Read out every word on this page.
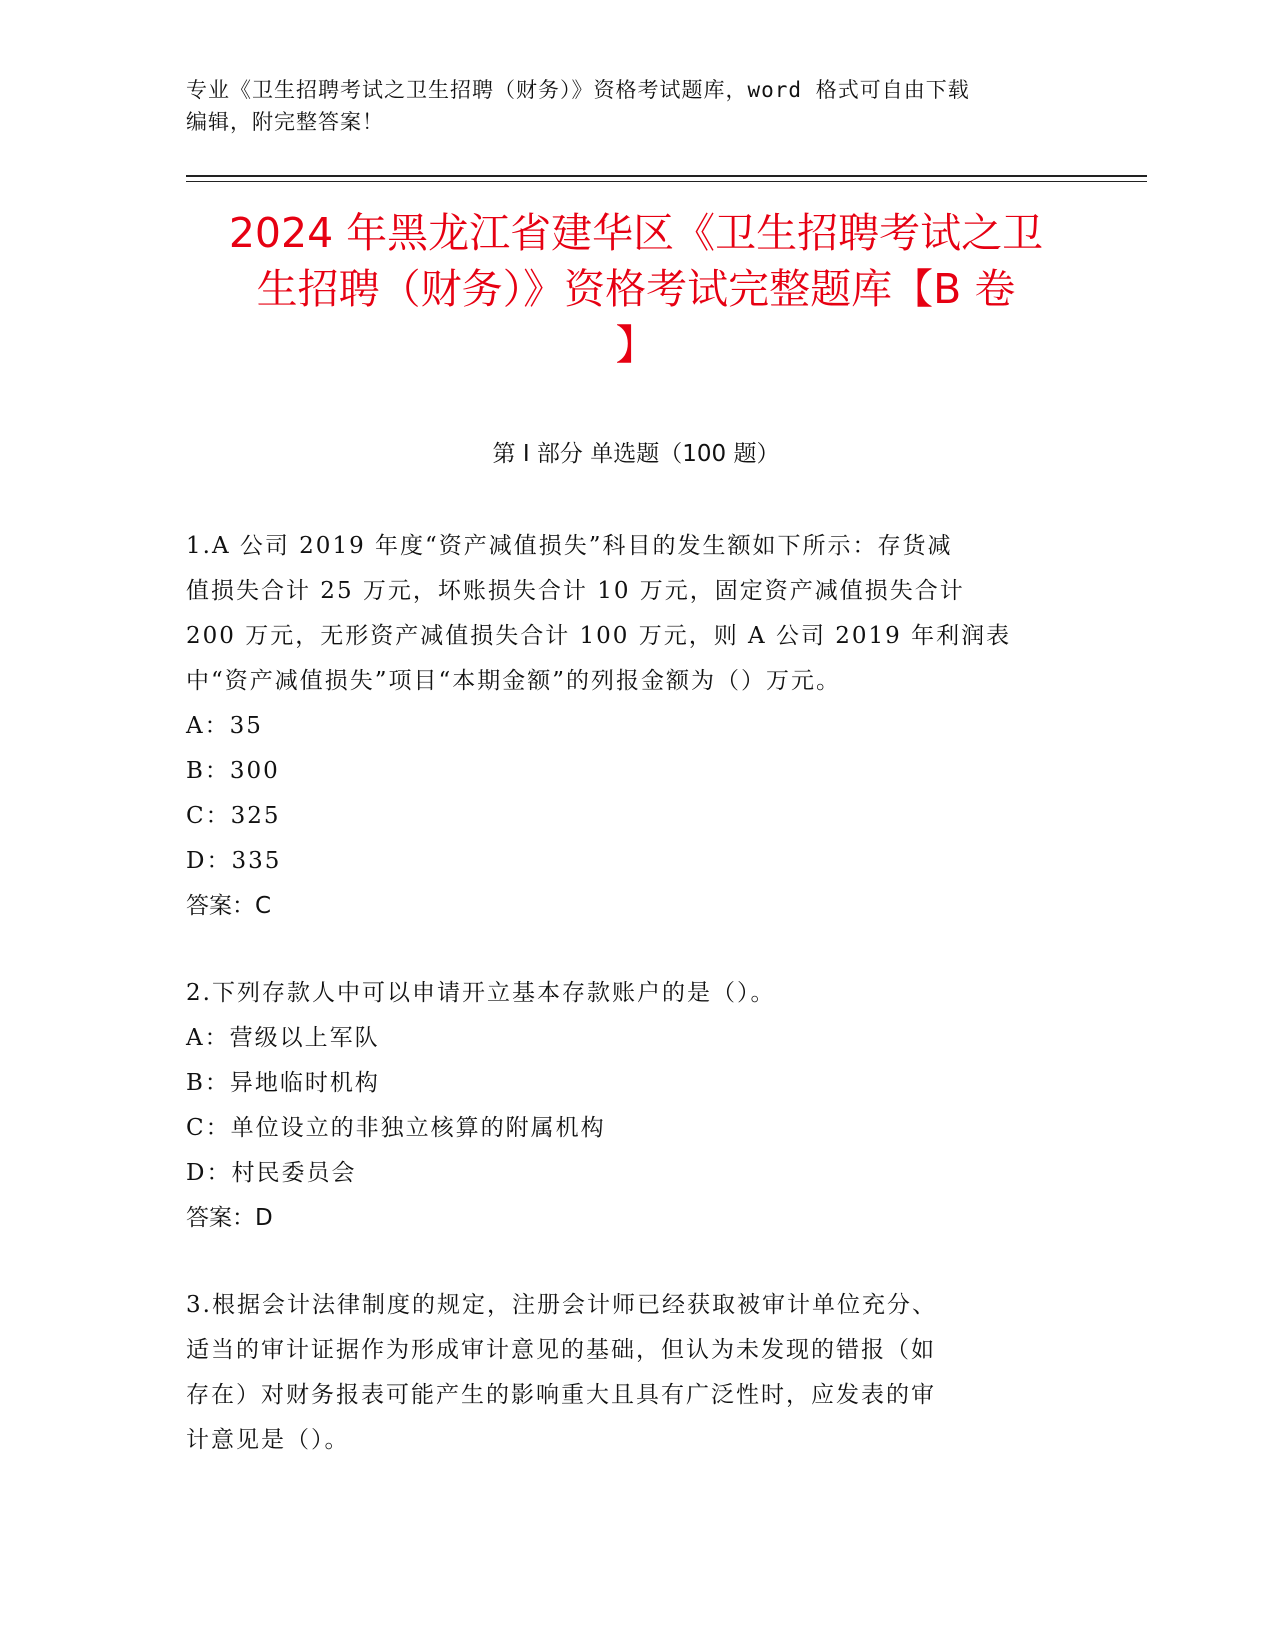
专业《卫生招聘考试之卫生招聘（财务）》资格考试题库，word 格式可自由下载
编辑，附完整答案！
2024 年黑龙江省建华区《卫生招聘考试之卫
生招聘（财务）》资格考试完整题库【B 卷
】
第 I 部分 单选题（100 题）

1.A 公司 2019 年度“资产减值损失”科目的发生额如下所示：存货减

值损失合计 25 万元，坏账损失合计 10 万元，固定资产减值损失合计

200 万元，无形资产减值损失合计 100 万元，则 A 公司 2019 年利润表

中“资产减值损失”项目“本期金额”的列报金额为（）万元。

A：35

B：300

C：325

D：335

答案：C

2.下列存款人中可以申请开立基本存款账户的是（）。

A：营级以上军队

B：异地临时机构

C：单位设立的非独立核算的附属机构

D：村民委员会

答案：D

3.根据会计法律制度的规定，注册会计师已经获取被审计单位充分、

适当的审计证据作为形成审计意见的基础，但认为未发现的错报（如

存在）对财务报表可能产生的影响重大且具有广泛性时，应发表的审

计意见是（）。
